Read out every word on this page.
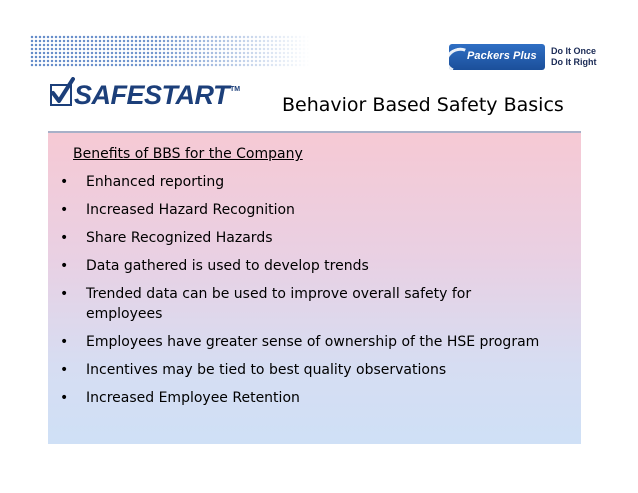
Packers Plus Do It Once
Do It Right
SAFESTART TM
Behavior Based Safety Basics
Benefits of BBS for the Company
• Enhanced reporting
• Increased Hazard Recognition
• Share Recognized Hazards
• Data gathered is used to develop trends
• Trended data can be used to improve overall safety for employees
• Employees have greater sense of ownership of the HSE program
• Incentives may be tied to best quality observations
• Increased Employee Retention
